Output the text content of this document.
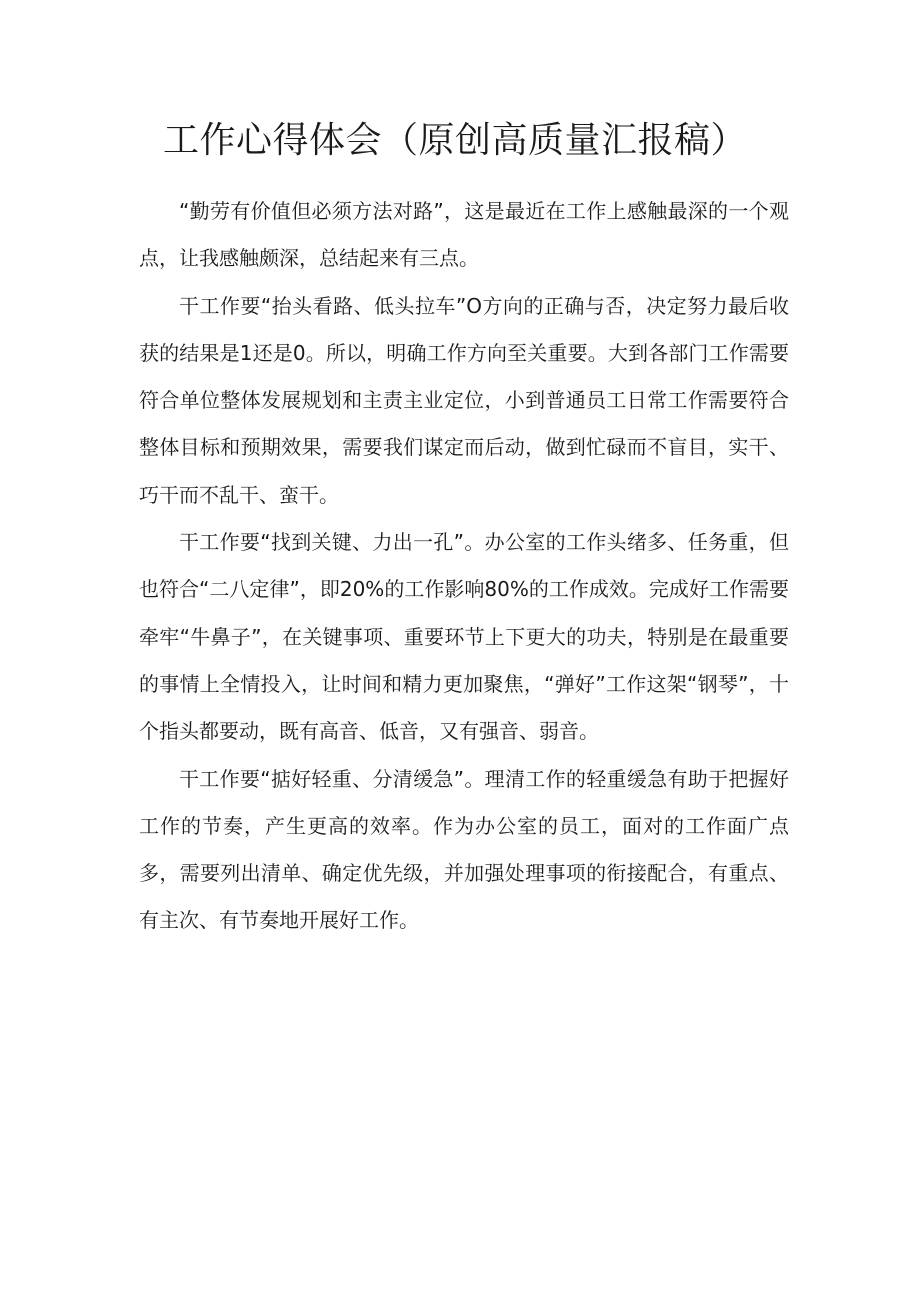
工作心得体会（原创高质量汇报稿）

“勤劳有价值但必须方法对路”，这是最近在工作上感触最深的一个观点，让我感触颇深，总结起来有三点。

干工作要“抬头看路、低头拉车”O方向的正确与否，决定努力最后收获的结果是1还是0。所以，明确工作方向至关重要。大到各部门工作需要符合单位整体发展规划和主责主业定位，小到普通员工日常工作需要符合整体目标和预期效果，需要我们谋定而后动，做到忙碌而不盲目，实干、巧干而不乱干、蛮干。

干工作要“找到关键、力出一孔”。办公室的工作头绪多、任务重，但也符合“二八定律”，即20%的工作影响80%的工作成效。完成好工作需要牵牢“牛鼻子”，在关键事项、重要环节上下更大的功夫，特别是在最重要的事情上全情投入，让时间和精力更加聚焦，“弹好”工作这架“钢琴”，十个指头都要动，既有高音、低音，又有强音、弱音。

干工作要“掂好轻重、分清缓急”。理清工作的轻重缓急有助于把握好工作的节奏，产生更高的效率。作为办公室的员工，面对的工作面广点多，需要列出清单、确定优先级，并加强处理事项的衔接配合，有重点、有主次、有节奏地开展好工作。
